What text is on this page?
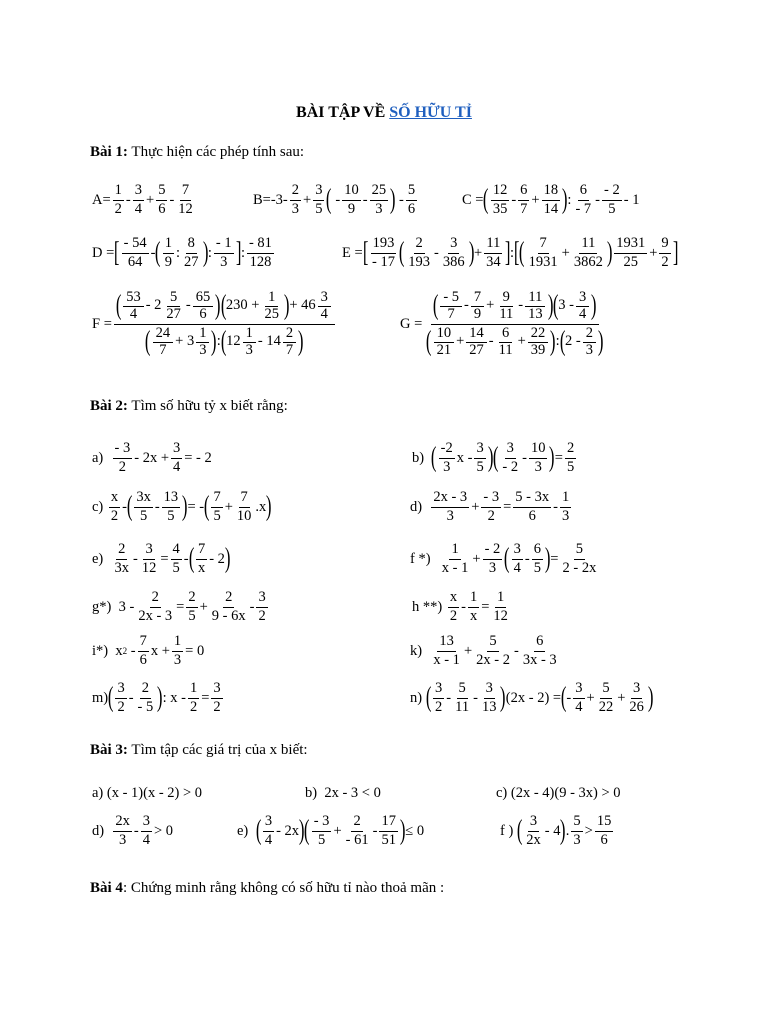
BÀI TẬP VỀ SỐ HỮU TỈ
Bài 1: Thực hiện các phép tính sau:
Bài 2: Tìm số hữu tỷ x biết rằng:
Bài 3: Tìm tập các giá trị của x biết:
Bài 4: Chứng minh rằng không có số hữu tỉ nào thoả mãn :
$A= \frac{1}{2}$ -
3
4
+
5
6
-
7
12
B=-3-
2
3
+
3
5 ( -
10
9
-
25
3 ) -
5
6
C = ( 12
35
-
6
7
+
18
14 ) :
6
- 7
-
- 2
5
- 1
D = [ - 54
64
- ( 1
9
:
8
27 ) :
- 1
3 ] :
- 81
128
E = [ 193
- 17 ( 2
193
-
3
386 ) +
11
34 ] : [ ( 7
1931
+
11
3862 ) 1931
25
+
9
2 ]
F =
( 53
4
- 2
5
27
-
65
6 ) ( 230 +
1
25 ) + 46
3
4
( 24
7
+ 3
1
3 ) : ( 12
1
3
- 14
2
7 )
G =
( - 5
7
-
7
9
+
9
11
-
11
13 ) ( 3 -
3
4 )
( 10
21
+
14
27
-
6
11
+
22
39 ) : ( 2 -
2
3 )
a)

- 3
2
- 2x +
3
4
= - 2	b)
( -2
3
x -
3
5 ) ( 3
- 2
-
10
3 ) =
2
5
c)

x
2
- ( 3x
5
-
13
5 ) = - ( 7
5
+
7
10
.x )	d)

2x - 3
3
+
- 3
2
=
5 - 3x
6
-
1
3
e)

2
3x
-
3
12
=
4
5
- ( 7
x
- 2 )	f *)

1
x - 1
+
- 2
3 ( 3
4
-
6
5 ) =
5
2 - 2x
g*) 3 -
2
2x - 3
=
2
5
+
2
9 - 6x
-
3
2
h **)

x
2
-
1
x
=
1
12
i*) x 2 -
7
6
x +
1
3
= 0	k)

13
x - 1
+
5
2x - 2
-
6
3x - 3
m) ( 3
2
-
2
- 5 ) : x -
1
2
=
3
2
n)
( 3
2
-
5
11
-
3
13 ) (2x - 2) = ( -
3
4
+
5
22
+
3
26 )
a) (x - 1)(x - 2) > 0	b) 2x - 3 < 0	c) (2x - 4)(9 - 3x) > 0
d)

2x
3
-
3
4
> 0	e)
( 3
4
- 2x ) ( - 3
5
+
2
- 61
-
17
51 ) ≤ 0	f )
( 3
2x
- 4 ) .
5
3
>
15
6
